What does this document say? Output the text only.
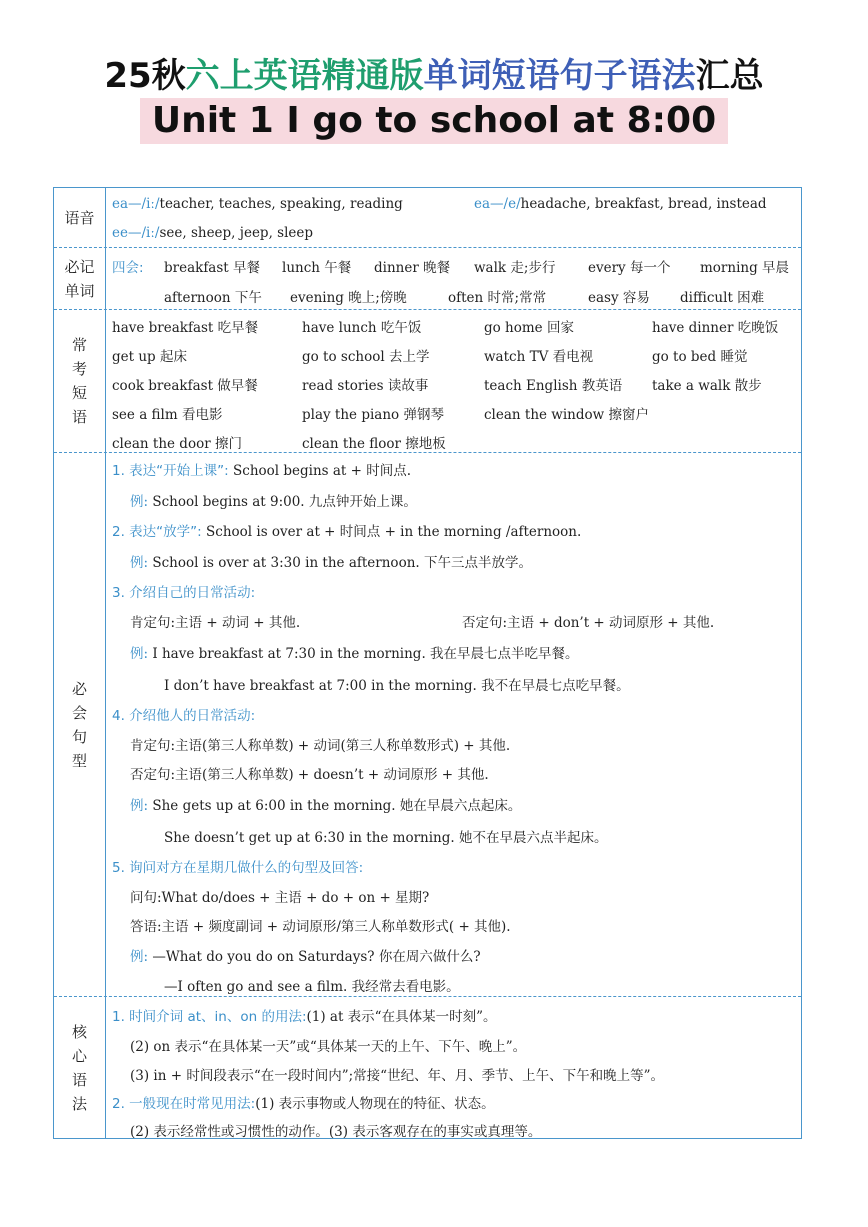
25秋六上英语精通版单词短语句子语法汇总
Unit 1 I go to school at 8:00
语音
ea—/iː/teacher, teaches, speaking, reading	ea—/e/headache, breakfast, bread, instead
ee—/iː/see, sheep, jeep, sleep
必记单词
四会: breakfast 早餐 lunch 午餐 dinner 晚餐 walk 走;步行 every 每一个 morning 早晨
afternoon 下午 evening 晚上;傍晚	often 时常;常常	easy 容易 difficult 困难
常
考
短
语
have breakfast 吃早餐	have lunch 吃午饭	go home 回家	have dinner 吃晚饭
get up 起床	go to school 去上学	watch TV 看电视	go to bed 睡觉
cook breakfast 做早餐	read stories 读故事	teach English 教英语 take a walk 散步
see a film 看电影	play the piano 弹钢琴	clean the window 擦窗户
clean the door 擦门	clean the floor 擦地板
必
会
句
型
1. 表达“开始上课”: School begins at + 时间点.
例: School begins at 9:00. 九点钟开始上课。
2. 表达“放学”: School is over at + 时间点 + in the morning /afternoon.
例: School is over at 3:30 in the afternoon. 下午三点半放学。
3. 介绍自己的日常活动:
肯定句:主语 + 动词 + 其他.	否定句:主语 + don’t + 动词原形 + 其他.
例: I have breakfast at 7:30 in the morning. 我在早晨七点半吃早餐。
I don’t have breakfast at 7:00 in the morning. 我不在早晨七点吃早餐。
4. 介绍他人的日常活动:
肯定句:主语(第三人称单数) + 动词(第三人称单数形式) + 其他.
否定句:主语(第三人称单数) + doesn’t + 动词原形 + 其他.
例: She gets up at 6:00 in the morning. 她在早晨六点起床。
She doesn’t get up at 6:30 in the morning. 她不在早晨六点半起床。
5. 询问对方在星期几做什么的句型及回答:
问句:What do/does + 主语 + do + on + 星期?
答语:主语 + 频度副词 + 动词原形/第三人称单数形式( + 其他).
例: —What do you do on Saturdays? 你在周六做什么?
—I often go and see a film. 我经常去看电影。
核
心
语
法
1. 时间介词 at、in、on 的用法:(1) at 表示“在具体某一时刻”。
(2) on 表示“在具体某一天”或“具体某一天的上午、下午、晚上”。
(3) in + 时间段表示“在一段时间内”;常接“世纪、年、月、季节、上午、下午和晚上等”。
2. 一般现在时常见用法:(1) 表示事物或人物现在的特征、状态。
(2) 表示经常性或习惯性的动作。(3) 表示客观存在的事实或真理等。
